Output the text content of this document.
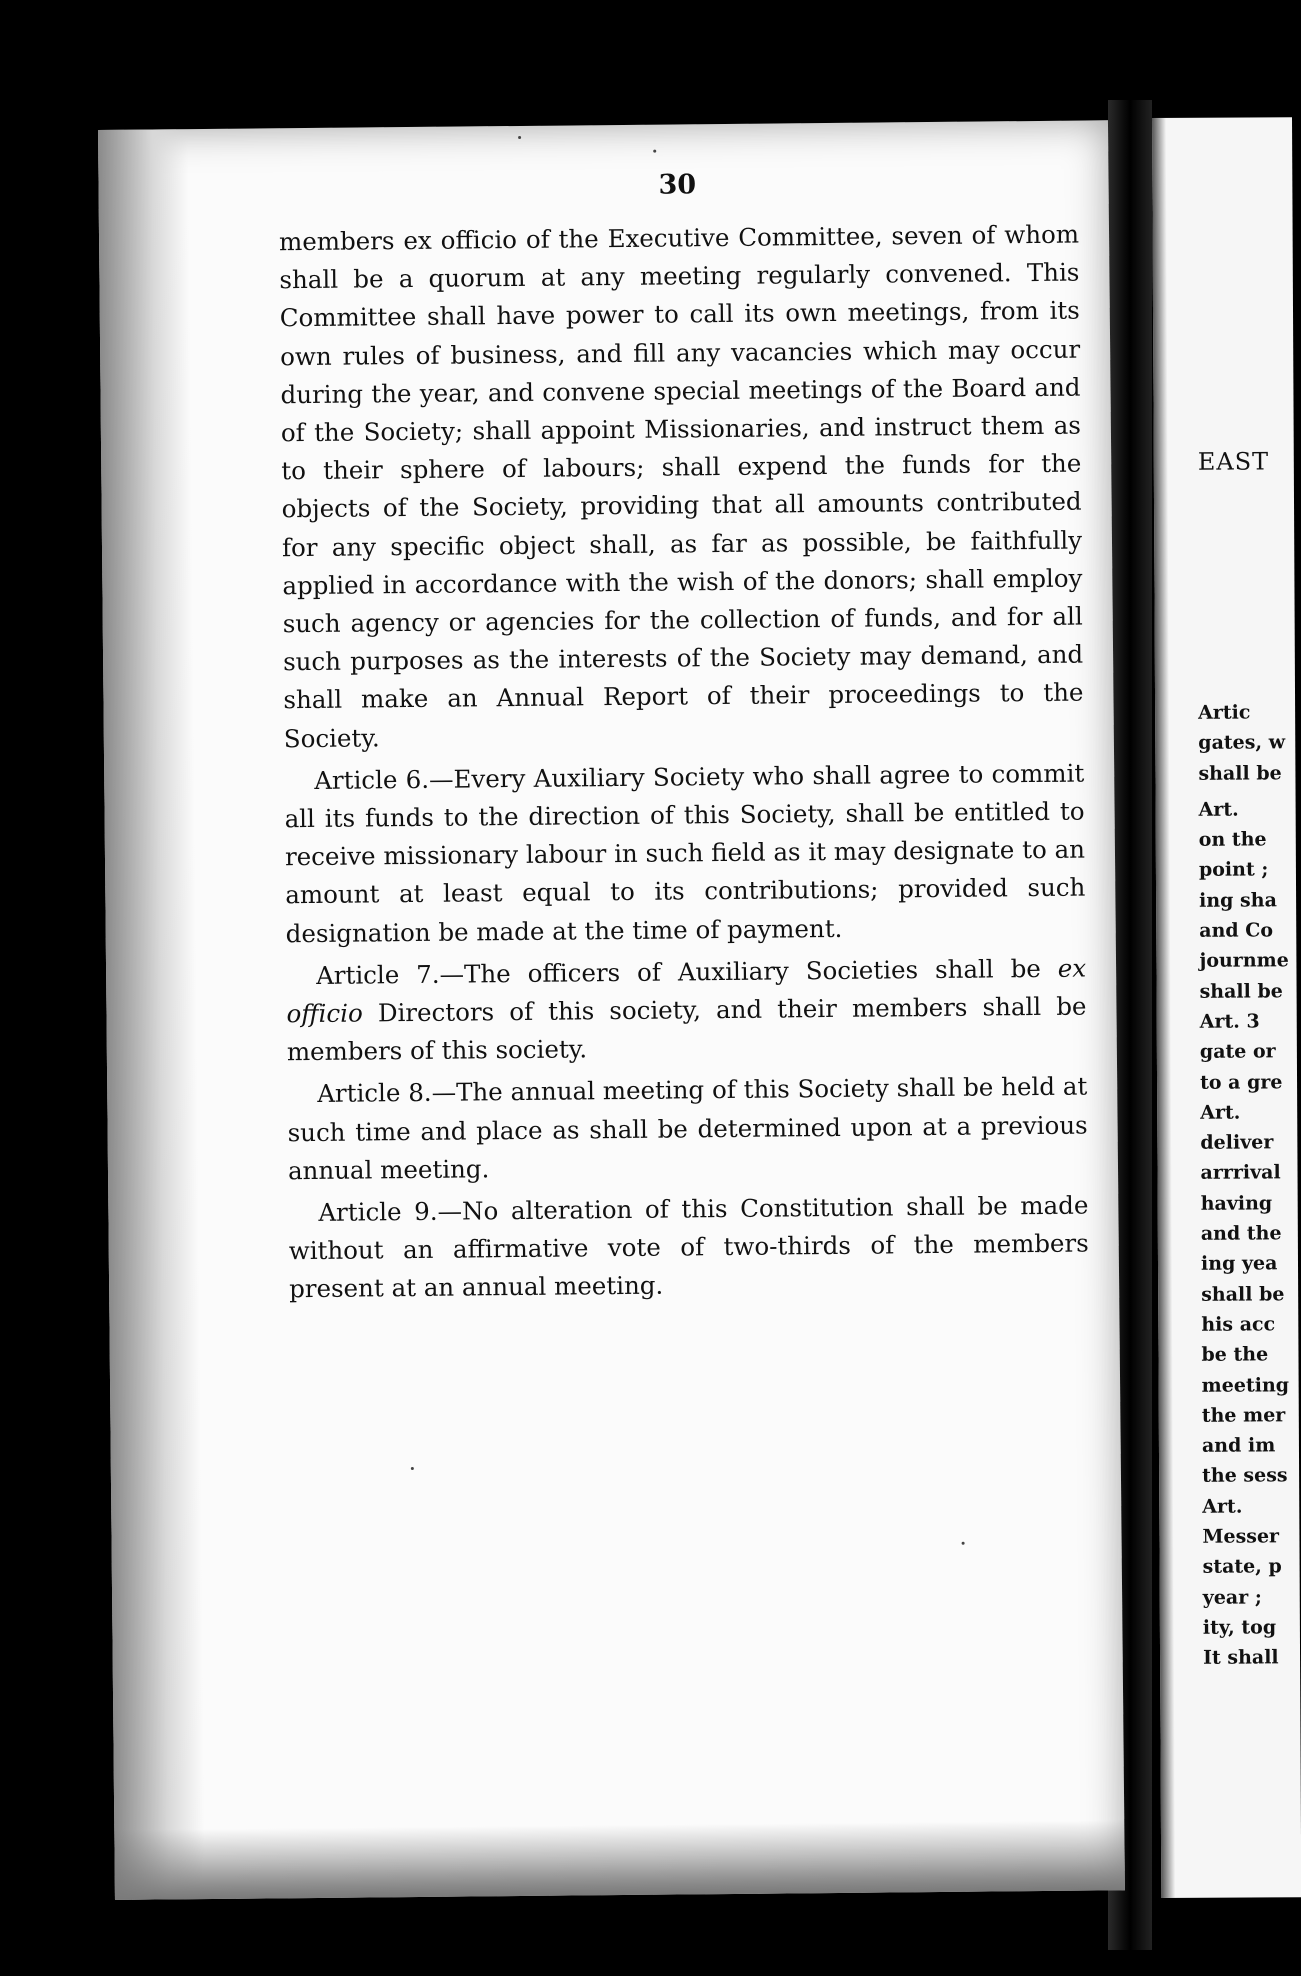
30

members ex officio of the Executive Committee, seven of whom shall be a quorum at any meeting regularly convened. This Committee shall have power to call its own meetings, from its own rules of business, and fill any vacancies which may occur during the year, and convene special meetings of the Board and of the Society; shall appoint Missionaries, and instruct them as to their sphere of labours; shall expend the funds for the objects of the Society, providing that all amounts contributed for any specific object shall, as far as possible, be faithfully applied in accordance with the wish of the donors; shall employ such agency or agencies for the collection of funds, and for all such purposes as the interests of the Society may demand, and shall make an Annual Report of their proceedings to the Society.

Article 6.—Every Auxiliary Society who shall agree to commit all its funds to the direction of this Society, shall be entitled to receive missionary labour in such field as it may designate to an amount at least equal to its contributions; provided such designation be made at the time of payment.

Article 7.—The officers of Auxiliary Societies shall be ex officio Directors of this society, and their members shall be members of this society.

Article 8.—The annual meeting of this Society shall be held at such time and place as shall be determined upon at a previous annual meeting.

Article 9.—No alteration of this Constitution shall be made without an affirmative vote of two-thirds of the members present at an annual meeting.

EAST
Artic
gates, w
shall be
Art.
on the
point ;
ing sha
and Co
journme
shall be
Art. 3
gate or
to a gre
Art.
deliver
arrrival
having
and the
ing yea
shall be
his acc
be the
meeting
the mer
and im
the sess
Art.
Messer
state, p
year ;
ity, tog
It shall
